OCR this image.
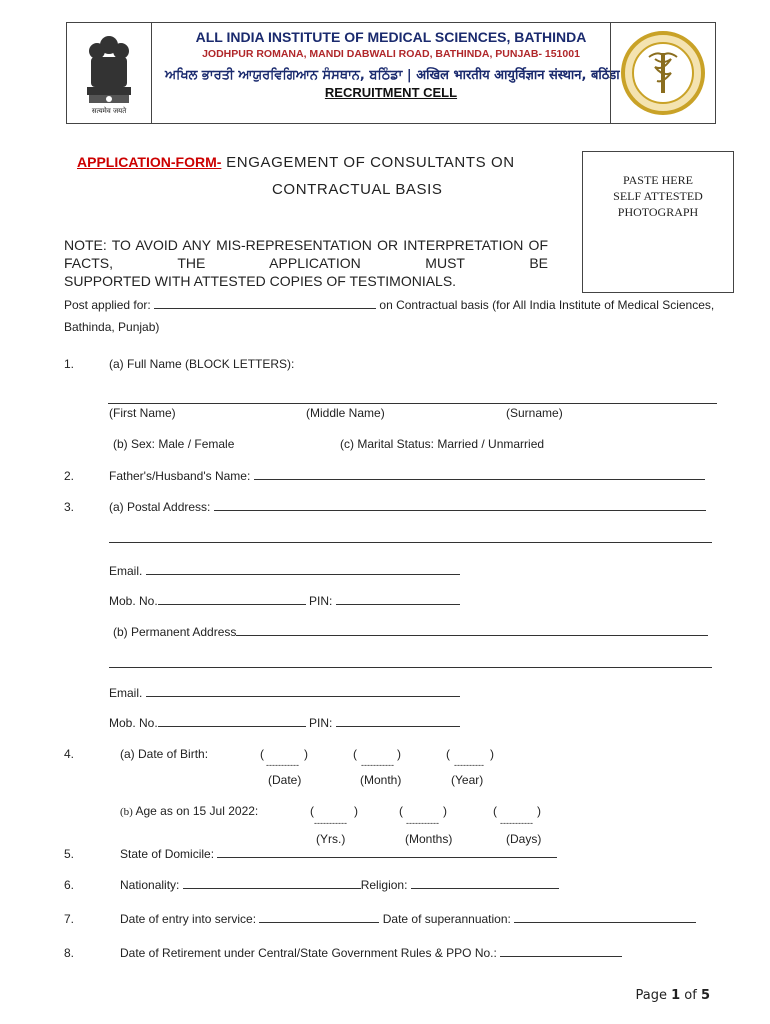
सत्यमेव जयते
ALL INDIA INSTITUTE OF MEDICAL SCIENCES, BATHINDA
JODHPUR ROMANA, MANDI DABWALI ROAD, BATHINDA, PUNJAB- 151001
ਅਖਿਲ ਭਾਰਤੀ ਆਯੁਰਵਿਗਿਆਨ ਸੰਸਥਾਨ, ਬਠਿੰਡਾ | अखिल भारतीय आयुर्विज्ञान संस्थान, बठिंडा
RECRUITMENT CELL
APPLICATION-FORM- ENGAGEMENT OF CONSULTANTS ON
CONTRACTUAL BASIS
PASTE HERE
SELF ATTESTED
PHOTOGRAPH
NOTE: TO AVOID ANY MIS-REPRESENTATION OR INTERPRETATION OF FACTS, THE APPLICATION MUST BE
SUPPORTED WITH ATTESTED COPIES OF TESTIMONIALS.
Post applied for:	on Contractual basis (for All India Institute of Medical Sciences,
Bathinda, Punjab)
1.	(a) Full Name (BLOCK LETTERS):
(First Name)	(Middle Name)	(Surname)
(b) Sex: Male / Female	(c) Marital Status: Married / Unmarried
2.	Father's/Husband's Name:
3.	(a) Postal Address:
Email.
Mob. No.	PIN:
(b) Permanent Address
Email.
Mob. No.	PIN:
4.	(a) Date of Birth:	(            )	(            )	(            )
-----------	-----------	----------
(Date)	(Month)	(Year)
(b) Age as on 15 Jul 2022:	(            )	(            )	(            )
-----------	-----------	-----------
(Yrs.)	(Months)	(Days)
5.	State of Domicile:
6.	Nationality:	Religion:
7.	Date of entry into service:	Date of superannuation:
8.	Date of Retirement under Central/State Government Rules & PPO No.:
Page 1 of 5
